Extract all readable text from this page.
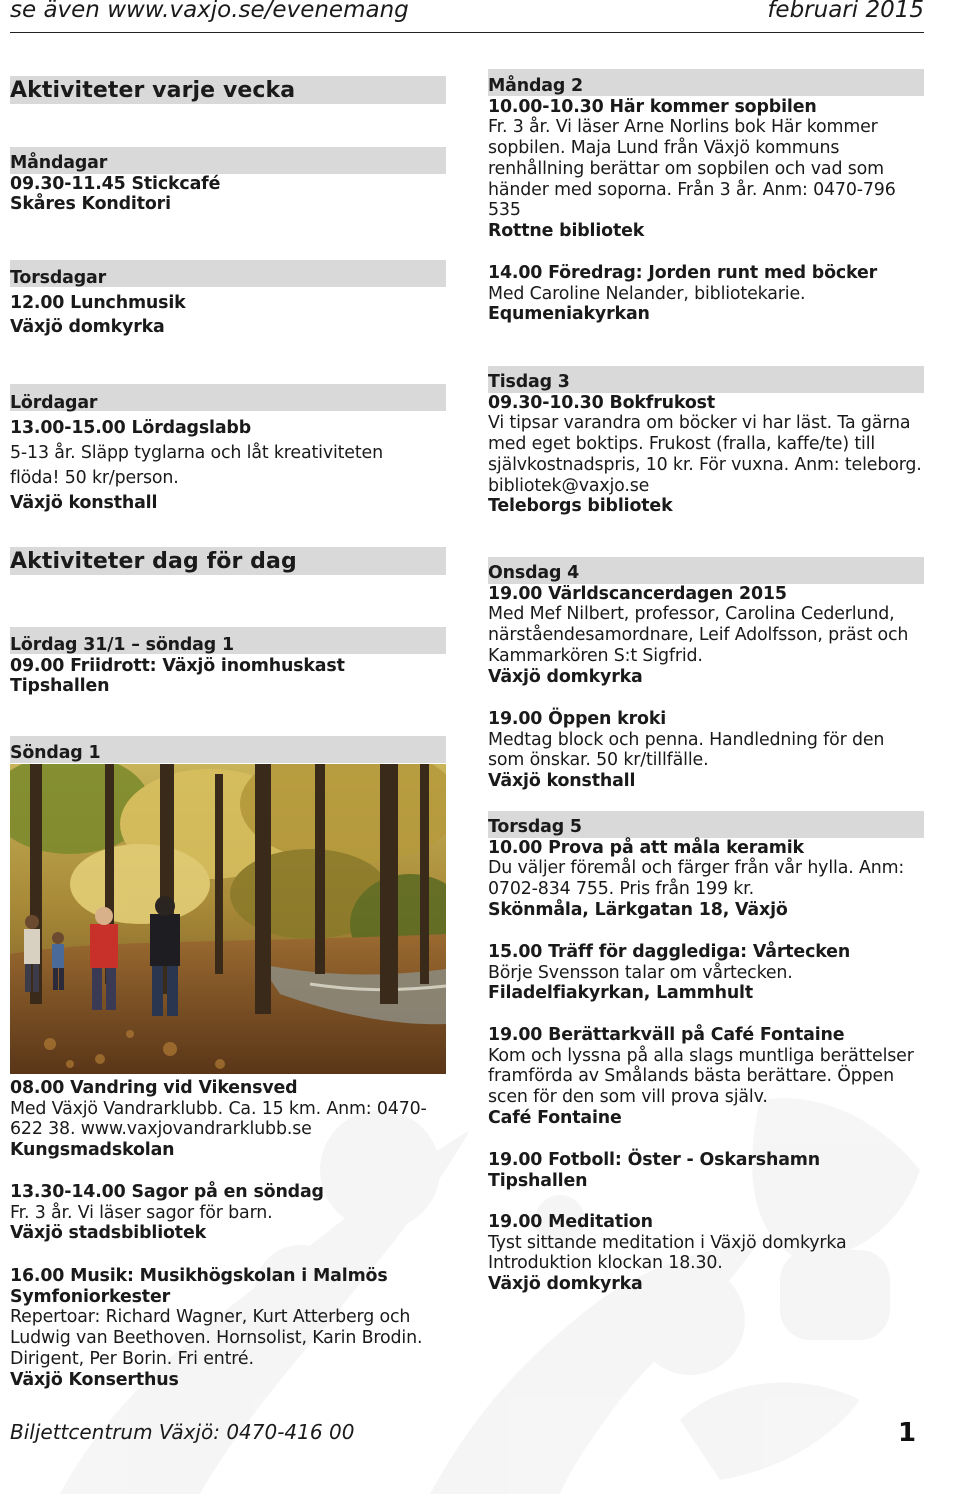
se även www.vaxjo.se/evenemang	februari 2015
Aktiviteter varje vecka
Måndagar
09.30-11.45 Stickcafé
Skåres Konditori
Torsdagar
12.00 Lunchmusik
Växjö domkyrka
Lördagar
13.00-15.00 Lördagslabb
5-13 år. Släpp tyglarna och låt kreativiteten
flöda! 50 kr/person.
Växjö konsthall
Aktiviteter dag för dag
Lördag 31/1 – söndag 1
09.00 Friidrott: Växjö inomhuskast
Tipshallen
Söndag 1
08.00 Vandring vid Vikensved
Med Växjö Vandrarklubb. Ca. 15 km. Anm: 0470-
622 38. www.vaxjovandrarklubb.se
Kungsmadskolan
13.30-14.00 Sagor på en söndag
Fr. 3 år. Vi läser sagor för barn.
Växjö stadsbibliotek
16.00 Musik: Musikhögskolan i Malmös
Symfoniorkester
Repertoar: Richard Wagner, Kurt Atterberg och
Ludwig van Beethoven. Hornsolist, Karin Brodin.
Dirigent, Per Borin. Fri entré.
Växjö Konserthus
Måndag 2
10.00-10.30 Här kommer sopbilen
Fr. 3 år. Vi läser Arne Norlins bok Här kommer
sopbilen. Maja Lund från Växjö kommuns
renhållning berättar om sopbilen och vad som
händer med soporna. Från 3 år. Anm: 0470-796
535
Rottne bibliotek
14.00 Föredrag: Jorden runt med böcker
Med Caroline Nelander, bibliotekarie.
Equmeniakyrkan
Tisdag 3
09.30-10.30 Bokfrukost
Vi tipsar varandra om böcker vi har läst. Ta gärna
med eget boktips. Frukost (fralla, kaffe/te) till
självkostnadspris, 10 kr. För vuxna. Anm: teleborg.
bibliotek@vaxjo.se
Teleborgs bibliotek
Onsdag 4
19.00 Världscancerdagen 2015
Med Mef Nilbert, professor, Carolina Cederlund,
närståendesamordnare, Leif Adolfsson, präst och
Kammarkören S:t Sigfrid.
Växjö domkyrka
19.00 Öppen kroki
Medtag block och penna. Handledning för den
som önskar. 50 kr/tillfälle.
Växjö konsthall
Torsdag 5
10.00 Prova på att måla keramik
Du väljer föremål och färger från vår hylla. Anm:
0702-834 755. Pris från 199 kr.
Skönmåla, Lärkgatan 18, Växjö
15.00 Träff för dagglediga: Vårtecken
Börje Svensson talar om vårtecken.
Filadelfiakyrkan, Lammhult
19.00 Berättarkväll på Café Fontaine
Kom och lyssna på alla slags muntliga berättelser
framförda av Smålands bästa berättare. Öppen
scen för den som vill prova själv.
Café Fontaine
19.00 Fotboll: Öster - Oskarshamn
Tipshallen
19.00 Meditation
Tyst sittande meditation i Växjö domkyrka
Introduktion klockan 18.30.
Växjö domkyrka
Biljettcentrum Växjö: 0470-416 00	1
